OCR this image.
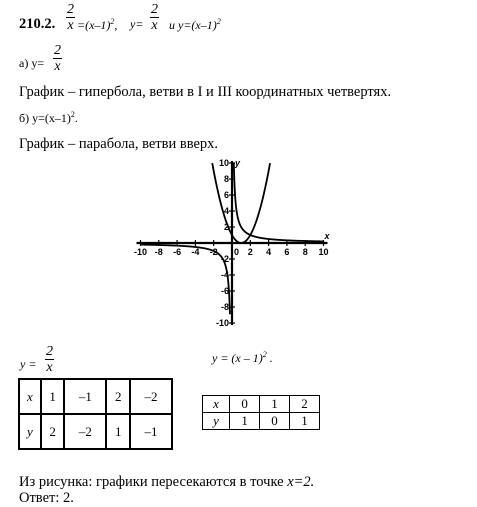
210.2. $\frac{2}{x} =(x-1)^2$, $y= \frac{2}{x}$ и $y=(x-1)^2$
а) $y= \frac{2}{x}$
График – гипербола, ветви в I и III координатных четвертях.
б) $y=(x-1)^2$.
График – парабола, ветви вверх.
x
y
-10 -8 -6 -4 -2	2 4 6 8 10
-10
-8
-6
-4
-2
2
4
6
8
10
0
$y = \frac{2}{x}$
x	1	–1	2	–2
y	2	–2	1	–1
y = (x – 1)$^2$ .
x	0	1	2
y	1	0	1
Из рисунка: графики пересекаются в точке x=2.
Ответ: 2.
